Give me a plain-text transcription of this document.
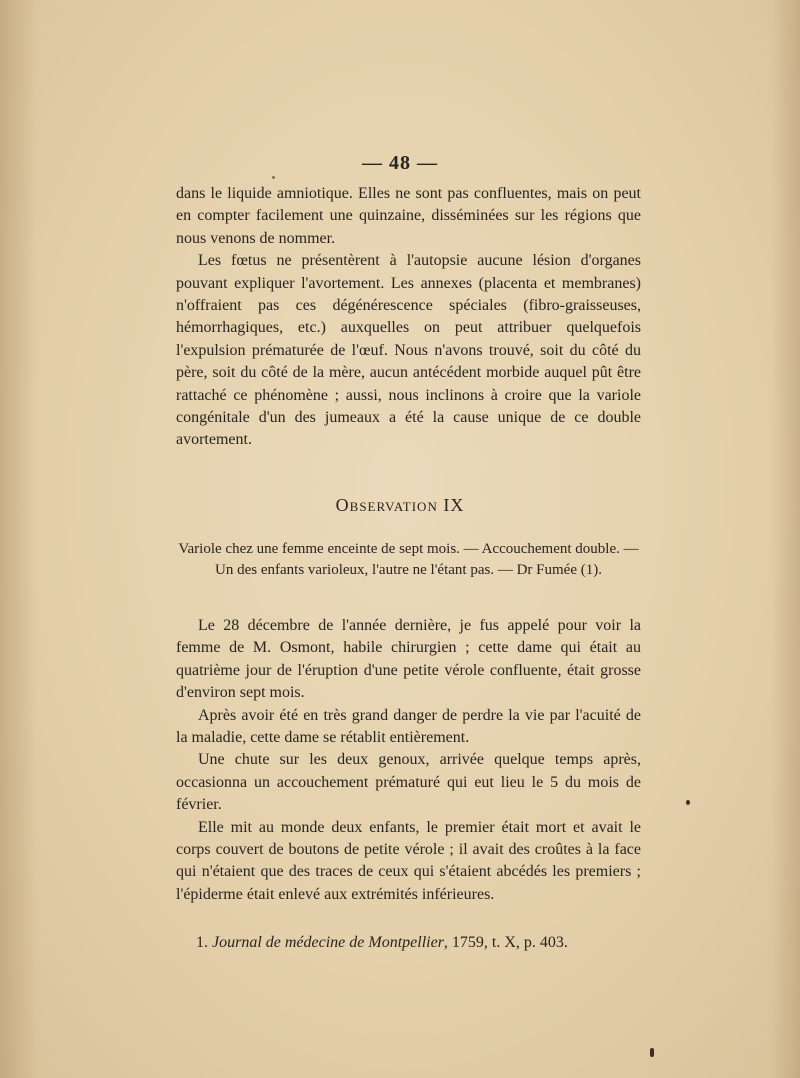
— 48 —

dans le liquide amniotique. Elles ne sont pas confluentes, mais on peut en compter facilement une quinzaine, disséminées sur les régions que nous venons de nommer.

Les fœtus ne présentèrent à l'autopsie aucune lésion d'organes pouvant expliquer l'avortement. Les annexes (placenta et membranes) n'offraient pas ces dégénérescence spéciales (fibro-graisseuses, hémorrhagiques, etc.) auxquelles on peut attribuer quelquefois l'expulsion prématurée de l'œuf. Nous n'avons trouvé, soit du côté du père, soit du côté de la mère, aucun antécédent morbide auquel pût être rattaché ce phénomène ; aussi, nous inclinons à croire que la variole congénitale d'un des jumeaux a été la cause unique de ce double avortement.

Observation IX

Variole chez une femme enceinte de sept mois. — Accouchement double. —

Un des enfants varioleux, l'autre ne l'étant pas. — Dr Fumée (1).

Le 28 décembre de l'année dernière, je fus appelé pour voir la femme de M. Osmont, habile chirurgien ; cette dame qui était au quatrième jour de l'éruption d'une petite vérole confluente, était grosse d'environ sept mois.

Après avoir été en très grand danger de perdre la vie par l'acuité de la maladie, cette dame se rétablit entièrement.

Une chute sur les deux genoux, arrivée quelque temps après, occasionna un accouchement prématuré qui eut lieu le 5 du mois de février.

Elle mit au monde deux enfants, le premier était mort et avait le corps couvert de boutons de petite vérole ; il avait des croûtes à la face qui n'étaient que des traces de ceux qui s'étaient abcédés les premiers ; l'épiderme était enlevé aux extrémités inférieures.

1. Journal de médecine de Montpellier, 1759, t. X, p. 403.
